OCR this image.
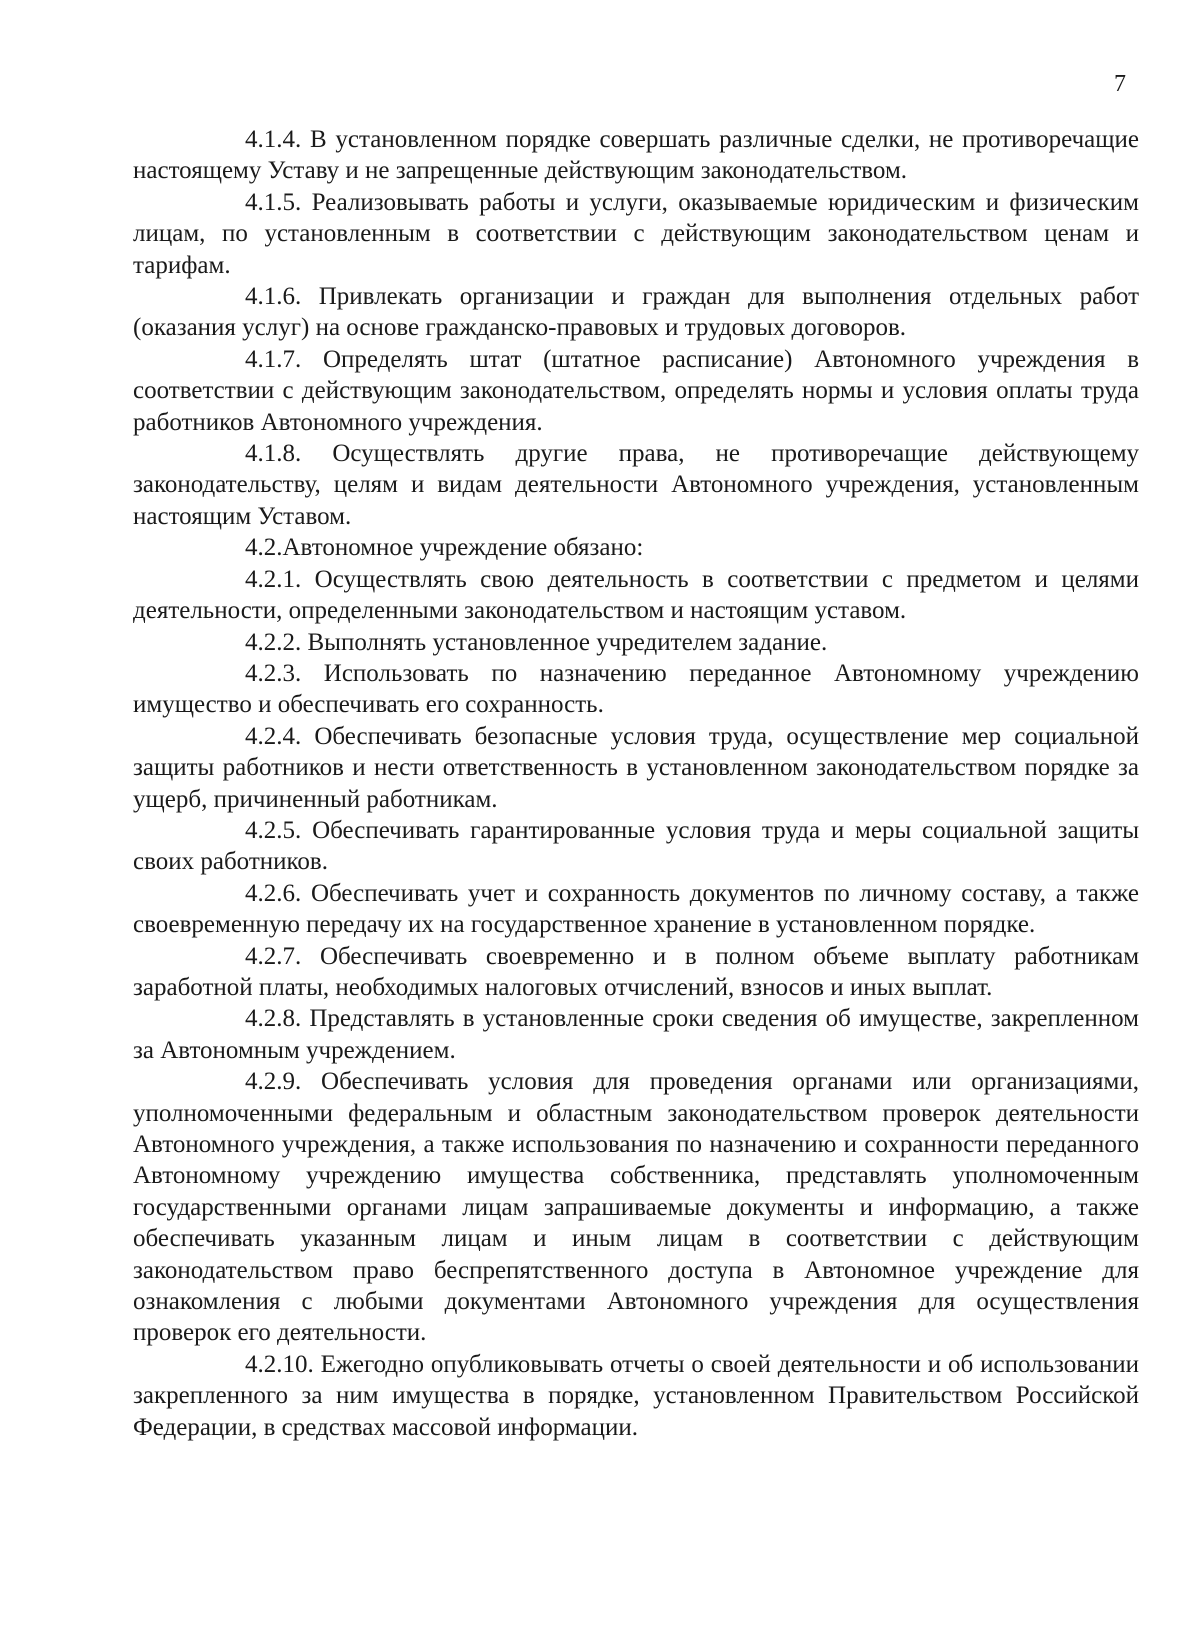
7

4.1.4. В установленном порядке совершать различные сделки, не противоречащие настоящему Уставу и не запрещенные действующим законодательством.

4.1.5. Реализовывать работы и услуги, оказываемые юридическим и физическим лицам, по установленным в соответствии с действующим законодательством ценам и тарифам.

4.1.6. Привлекать организации и граждан для выполнения отдельных работ (оказания услуг) на основе гражданско-правовых и трудовых договоров.

4.1.7. Определять штат (штатное расписание) Автономного учреждения в соответствии с действующим законодательством, определять нормы и условия оплаты труда работников Автономного учреждения.

4.1.8. Осуществлять другие права, не противоречащие действующему законодательству, целям и видам деятельности Автономного учреждения, установленным настоящим Уставом.

4.2.Автономное учреждение обязано:

4.2.1. Осуществлять свою деятельность в соответствии с предметом и целями деятельности, определенными законодательством и настоящим уставом.

4.2.2. Выполнять установленное учредителем задание.

4.2.3. Использовать по назначению переданное Автономному учреждению имущество и обеспечивать его сохранность.

4.2.4. Обеспечивать безопасные условия труда, осуществление мер социальной защиты работников и нести ответственность в установленном законодательством порядке за ущерб, причиненный работникам.

4.2.5. Обеспечивать гарантированные условия труда и меры социальной защиты своих работников.

4.2.6. Обеспечивать учет и сохранность документов по личному составу, а также своевременную передачу их на государственное хранение в установленном порядке.

4.2.7. Обеспечивать своевременно и в полном объеме выплату работникам заработной платы, необходимых налоговых отчислений, взносов и иных выплат.

4.2.8. Представлять в установленные сроки сведения об имуществе, закрепленном за Автономным учреждением.

4.2.9. Обеспечивать условия для проведения органами или организациями, уполномоченными федеральным и областным законодательством проверок деятельности Автономного учреждения, а также использования по назначению и сохранности переданного Автономному учреждению имущества собственника, представлять уполномоченным государственными органами лицам запрашиваемые документы и информацию, а также обеспечивать указанным лицам и иным лицам в соответствии с действующим законодательством право беспрепятственного доступа в Автономное учреждение для ознакомления с любыми документами Автономного учреждения для осуществления проверок его деятельности.

4.2.10. Ежегодно опубликовывать отчеты о своей деятельности и об использовании закрепленного за ним имущества в порядке, установленном Правительством Российской Федерации, в средствах массовой информации.
